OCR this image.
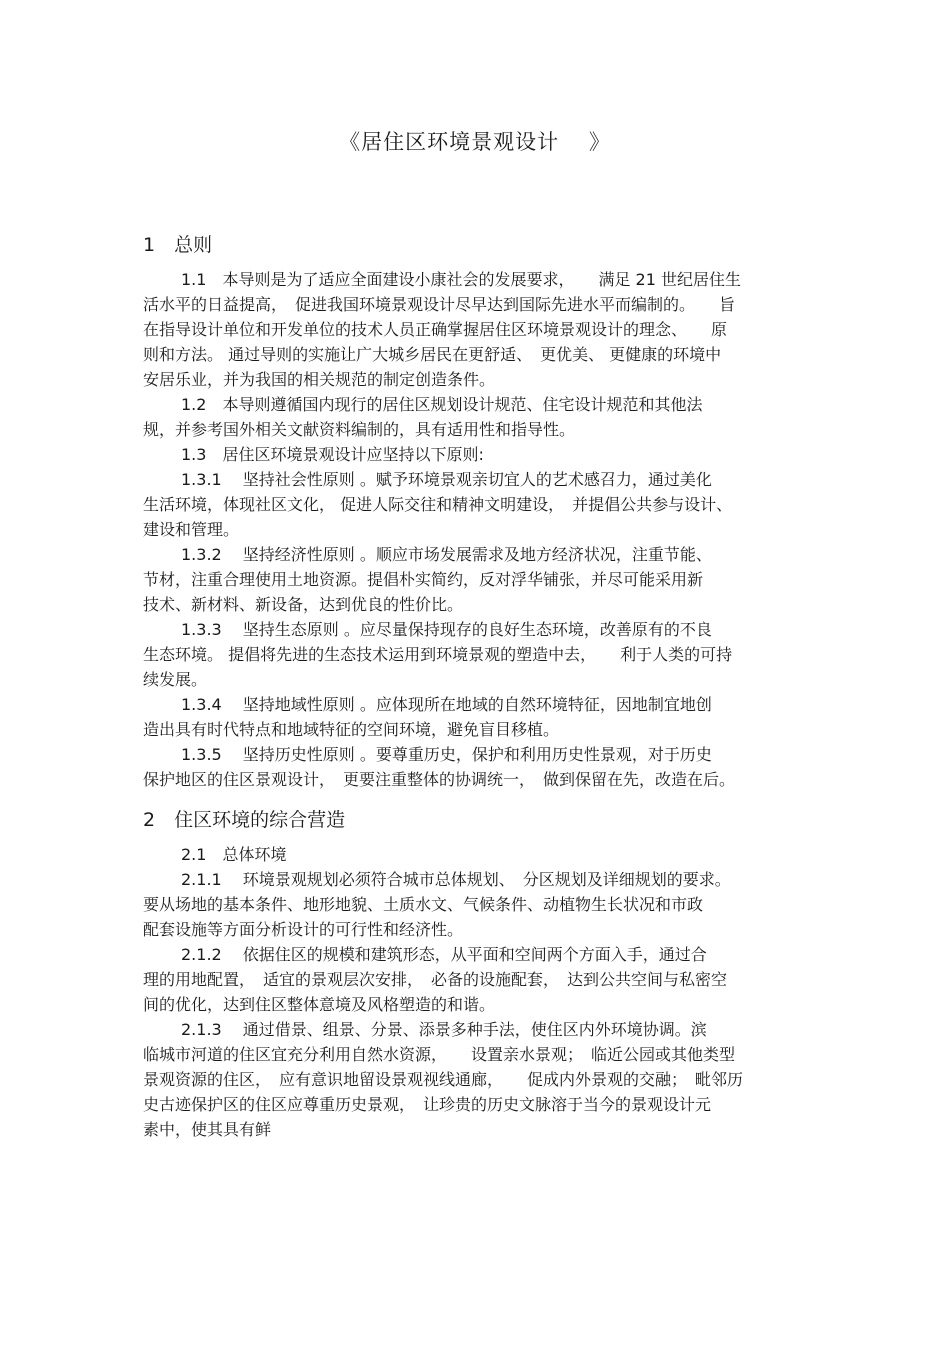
《居住区环境景观设计　 》
1　总则
1.1　本导则是为了适应全面建设小康社会的发展要求，　　满足 21 世纪居住生
活水平的日益提高，　促进我国环境景观设计尽早达到国际先进水平而编制的。　　旨
在指导设计单位和开发单位的技术人员正确掌握居住区环境景观设计的理念、　　原
则和方法。 通过导则的实施让广大城乡居民在更舒适、　更优美、 更健康的环境中
安居乐业，并为我国的相关规范的制定创造条件。
1.2　本导则遵循国内现行的居住区规划设计规范、住宅设计规范和其他法
规，并参考国外相关文献资料编制的，具有适用性和指导性。
1.3　居住区环境景观设计应坚持以下原则:
1.3.1　 坚持社会性原则 。赋予环境景观亲切宜人的艺术感召力，通过美化
生活环境，体现社区文化， 促进人际交往和精神文明建设，　并提倡公共参与设计、
建设和管理。
1.3.2　 坚持经济性原则 。顺应市场发展需求及地方经济状况，注重节能、
节材，注重合理使用土地资源。提倡朴实简约，反对浮华铺张，并尽可能采用新
技术、新材料、新设备，达到优良的性价比。
1.3.3　 坚持生态原则 。应尽量保持现存的良好生态环境，改善原有的不良
生态环境。 提倡将先进的生态技术运用到环境景观的塑造中去，　　利于人类的可持
续发展。
1.3.4　 坚持地域性原则 。应体现所在地域的自然环境特征，因地制宜地创
造出具有时代特点和地域特征的空间环境，避免盲目移植。
1.3.5　 坚持历史性原则 。要尊重历史，保护和利用历史性景观，对于历史
保护地区的住区景观设计，　更要注重整体的协调统一，　做到保留在先，改造在后。
2　住区环境的综合营造
2.1　总体环境
2.1.1　 环境景观规划必须符合城市总体规划、　分区规划及详细规划的要求。
要从场地的基本条件、地形地貌、土质水文、气候条件、动植物生长状况和市政
配套设施等方面分析设计的可行性和经济性。
2.1.2　 依据住区的规模和建筑形态，从平面和空间两个方面入手，通过合
理的用地配置，　适宜的景观层次安排，　必备的设施配套，　达到公共空间与私密空
间的优化，达到住区整体意境及风格塑造的和谐。
2.1.3　 通过借景、组景、分景、添景多种手法，使住区内外环境协调。滨
临城市河道的住区宜充分利用自然水资源，　　设置亲水景观；　临近公园或其他类型
景观资源的住区，　应有意识地留设景观视线通廊，　　促成内外景观的交融；　毗邻历
史古迹保护区的住区应尊重历史景观，　让珍贵的历史文脉溶于当今的景观设计元
素中，使其具有鲜
